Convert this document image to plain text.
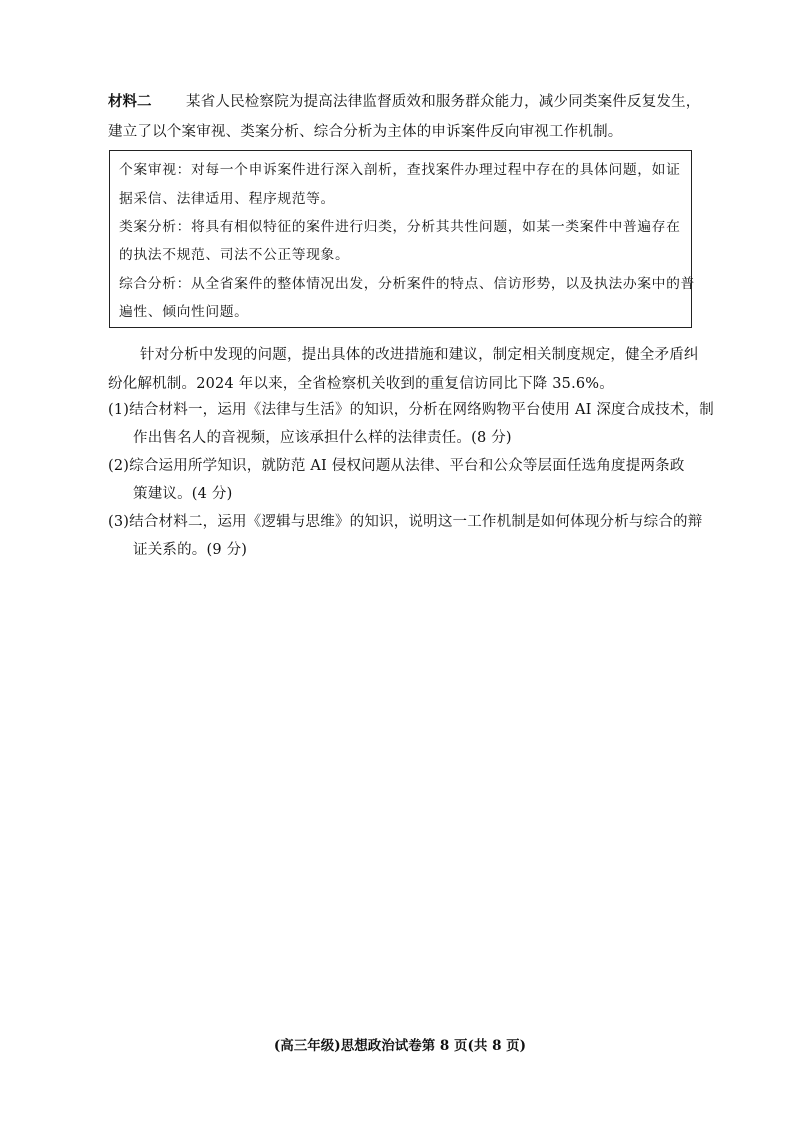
材料二 某省人民检察院为提高法律监督质效和服务群众能力，减少同类案件反复发生，
建立了以个案审视、类案分析、综合分析为主体的申诉案件反向审视工作机制。
个案审视：对每一个申诉案件进行深入剖析，查找案件办理过程中存在的具体问题，如证
据采信、法律适用、程序规范等。
类案分析：将具有相似特征的案件进行归类，分析其共性问题，如某一类案件中普遍存在
的执法不规范、司法不公正等现象。
综合分析：从全省案件的整体情况出发，分析案件的特点、信访形势，以及执法办案中的普
遍性、倾向性问题。
针对分析中发现的问题，提出具体的改进措施和建议，制定相关制度规定，健全矛盾纠
纷化解机制。2024 年以来，全省检察机关收到的重复信访同比下降 35.6%。
(1)结合材料一，运用《法律与生活》的知识，分析在网络购物平台使用 AI 深度合成技术，制
作出售名人的音视频，应该承担什么样的法律责任。(8 分)
(2)综合运用所学知识，就防范 AI 侵权问题从法律、平台和公众等层面任选角度提两条政
策建议。(4 分)
(3)结合材料二，运用《逻辑与思维》的知识，说明这一工作机制是如何体现分析与综合的辩
证关系的。(9 分)
(高三年级)思想政治试卷第 8 页(共 8 页)
